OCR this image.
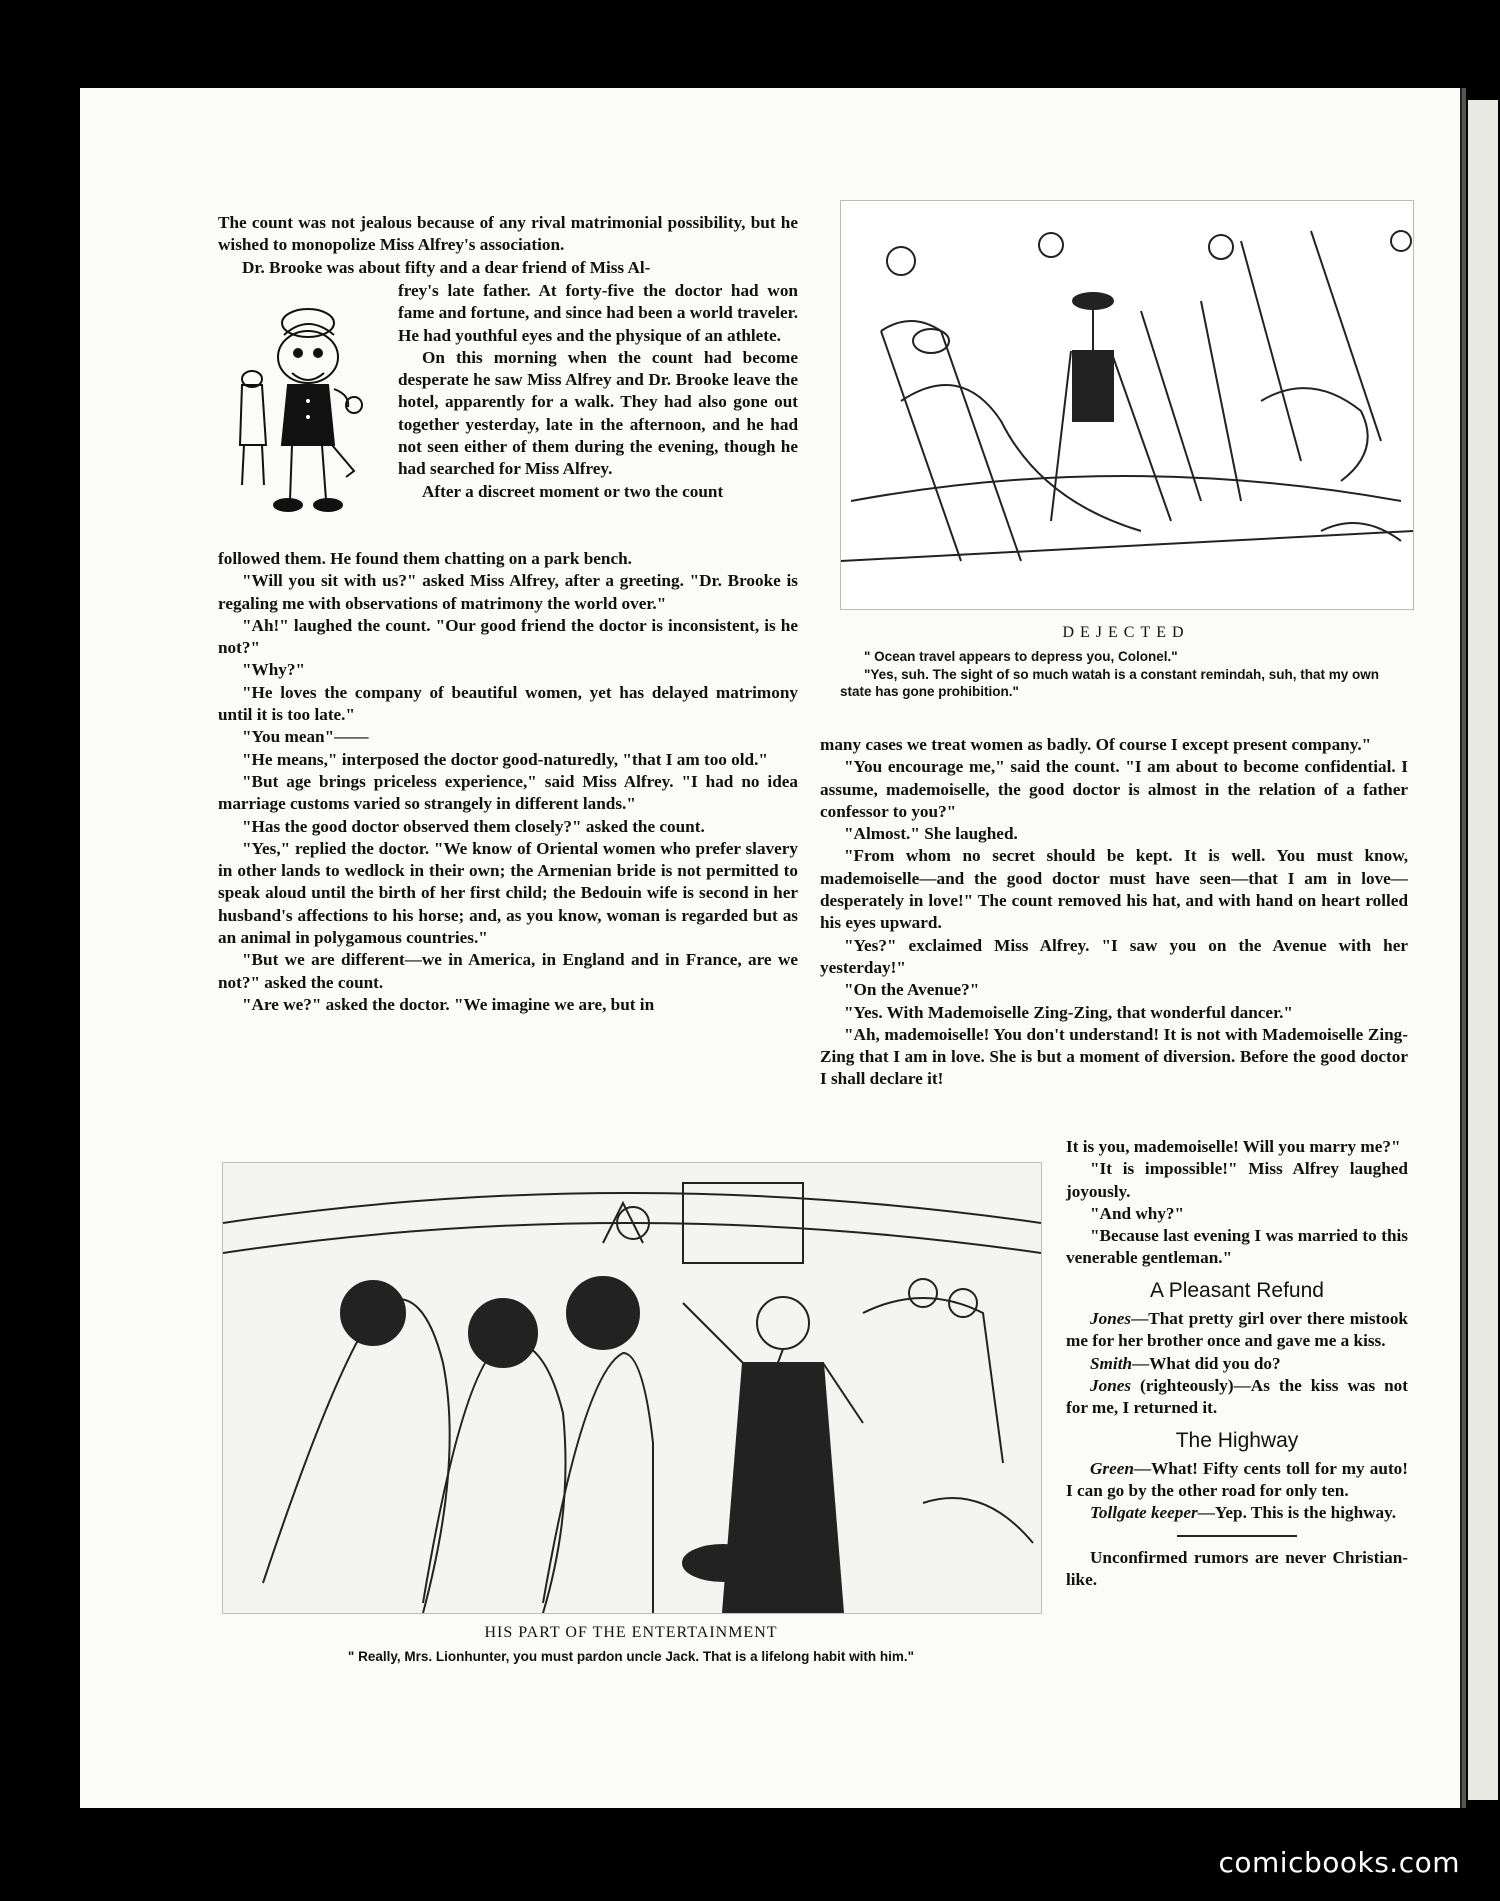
The count was not jealous because of any rival matrimonial possibility, but he wished to monopolize Miss Alfrey's association.

Dr. Brooke was about fifty and a dear friend of Miss Al-

frey's late father. At forty-five the doctor had won fame and fortune, and since had been a world traveler. He had youthful eyes and the physique of an athlete.

On this morning when the count had become desperate he saw Miss Alfrey and Dr. Brooke leave the hotel, apparently for a walk. They had also gone out together yesterday, late in the afternoon, and he had not seen either of them during the evening, though he had searched for Miss Alfrey.

After a discreet moment or two the count

followed them. He found them chatting on a park bench.

"Will you sit with us?" asked Miss Alfrey, after a greeting. "Dr. Brooke is regaling me with observations of matrimony the world over."

"Ah!" laughed the count. "Our good friend the doctor is inconsistent, is he not?"

"Why?"

"He loves the company of beautiful women, yet has delayed matrimony until it is too late."

"You mean"——

"He means," interposed the doctor good-naturedly, "that I am too old."

"But age brings priceless experience," said Miss Alfrey. "I had no idea marriage customs varied so strangely in different lands."

"Has the good doctor observed them closely?" asked the count.

"Yes," replied the doctor. "We know of Oriental women who prefer slavery in other lands to wedlock in their own; the Armenian bride is not permitted to speak aloud until the birth of her first child; the Bedouin wife is second in her husband's affections to his horse; and, as you know, woman is regarded but as an animal in polygamous countries."

"But we are different—we in America, in England and in France, are we not?" asked the count.

"Are we?" asked the doctor. "We imagine we are, but in

DEJECTED
" Ocean travel appears to depress you, Colonel."
"Yes, suh. The sight of so much watah is a constant remindah, suh, that my own state has gone prohibition."

many cases we treat women as badly. Of course I except present company."

"You encourage me," said the count. "I am about to become confidential. I assume, mademoiselle, the good doctor is almost in the relation of a father confessor to you?"

"Almost." She laughed.

"From whom no secret should be kept. It is well. You must know, mademoiselle—and the good doctor must have seen—that I am in love—desperately in love!" The count removed his hat, and with hand on heart rolled his eyes upward.

"Yes?" exclaimed Miss Alfrey. "I saw you on the Avenue with her yesterday!"

"On the Avenue?"

"Yes. With Mademoiselle Zing-Zing, that wonderful dancer."

"Ah, mademoiselle! You don't understand! It is not with Mademoiselle Zing-Zing that I am in love. She is but a moment of diversion. Before the good doctor I shall declare it!

It is you, mademoiselle! Will you marry me?"

"It is impossible!" Miss Alfrey laughed joyously.

"And why?"

"Because last evening I was married to this venerable gentleman."

A Pleasant Refund

Jones—That pretty girl over there mistook me for her brother once and gave me a kiss.

Smith—What did you do?

Jones (righteously)—As the kiss was not for me, I returned it.

The Highway

Green—What! Fifty cents toll for my auto! I can go by the other road for only ten.

Tollgate keeper—Yep. This is the highway.

Unconfirmed rumors are never Christian-like.

HIS PART OF THE ENTERTAINMENT
" Really, Mrs. Lionhunter, you must pardon uncle Jack. That is a lifelong habit with him."
comicbooks.com
